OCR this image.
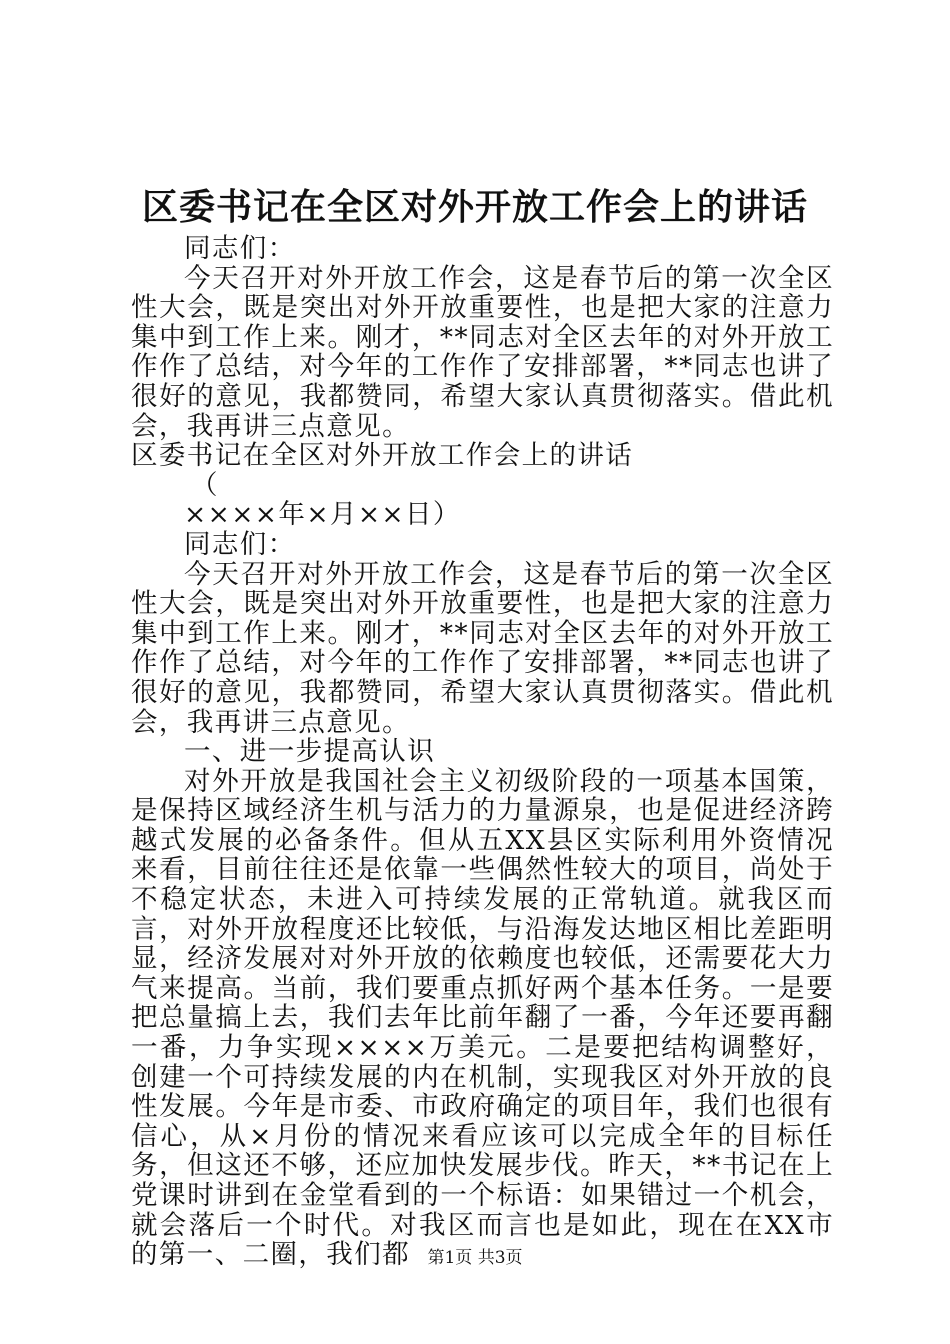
区委书记在全区对外开放工作会上的讲话

同志们：

今天召开对外开放工作会，这是春节后的第一次全区性大会，既是突出对外开放重要性，也是把大家的注意力集中到工作上来。刚才，**同志对全区去年的对外开放工作作了总结，对今年的工作作了安排部署，**同志也讲了很好的意见，我都赞同，希望大家认真贯彻落实。借此机会，我再讲三点意见。

区委书记在全区对外开放工作会上的讲话

（

××××年×月××日）

同志们：

今天召开对外开放工作会，这是春节后的第一次全区性大会，既是突出对外开放重要性，也是把大家的注意力集中到工作上来。刚才，**同志对全区去年的对外开放工作作了总结，对今年的工作作了安排部署，**同志也讲了很好的意见，我都赞同，希望大家认真贯彻落实。借此机会，我再讲三点意见。

一、进一步提高认识

对外开放是我国社会主义初级阶段的一项基本国策，是保持区域经济生机与活力的力量源泉，也是促进经济跨越式发展的必备条件。但从五XX县区实际利用外资情况来看，目前往往还是依靠一些偶然性较大的项目，尚处于不稳定状态，未进入可持续发展的正常轨道。就我区而言，对外开放程度还比较低，与沿海发达地区相比差距明显，经济发展对对外开放的依赖度也较低，还需要花大力气来提高。当前，我们要重点抓好两个基本任务。一是要把总量搞上去，我们去年比前年翻了一番，今年还要再翻一番，力争实现××××万美元。二是要把结构调整好，创建一个可持续发展的内在机制，实现我区对外开放的良性发展。今年是市委、市政府确定的项目年，我们也很有信心，从×月份的情况来看应该可以完成全年的目标任务，但这还不够，还应加快发展步伐。昨天，**书记在上党课时讲到在金堂看到的一个标语：如果错过一个机会，就会落后一个时代。对我区而言也是如此，现在在XX市的第一、二圈，我们都	第1页 共3页
